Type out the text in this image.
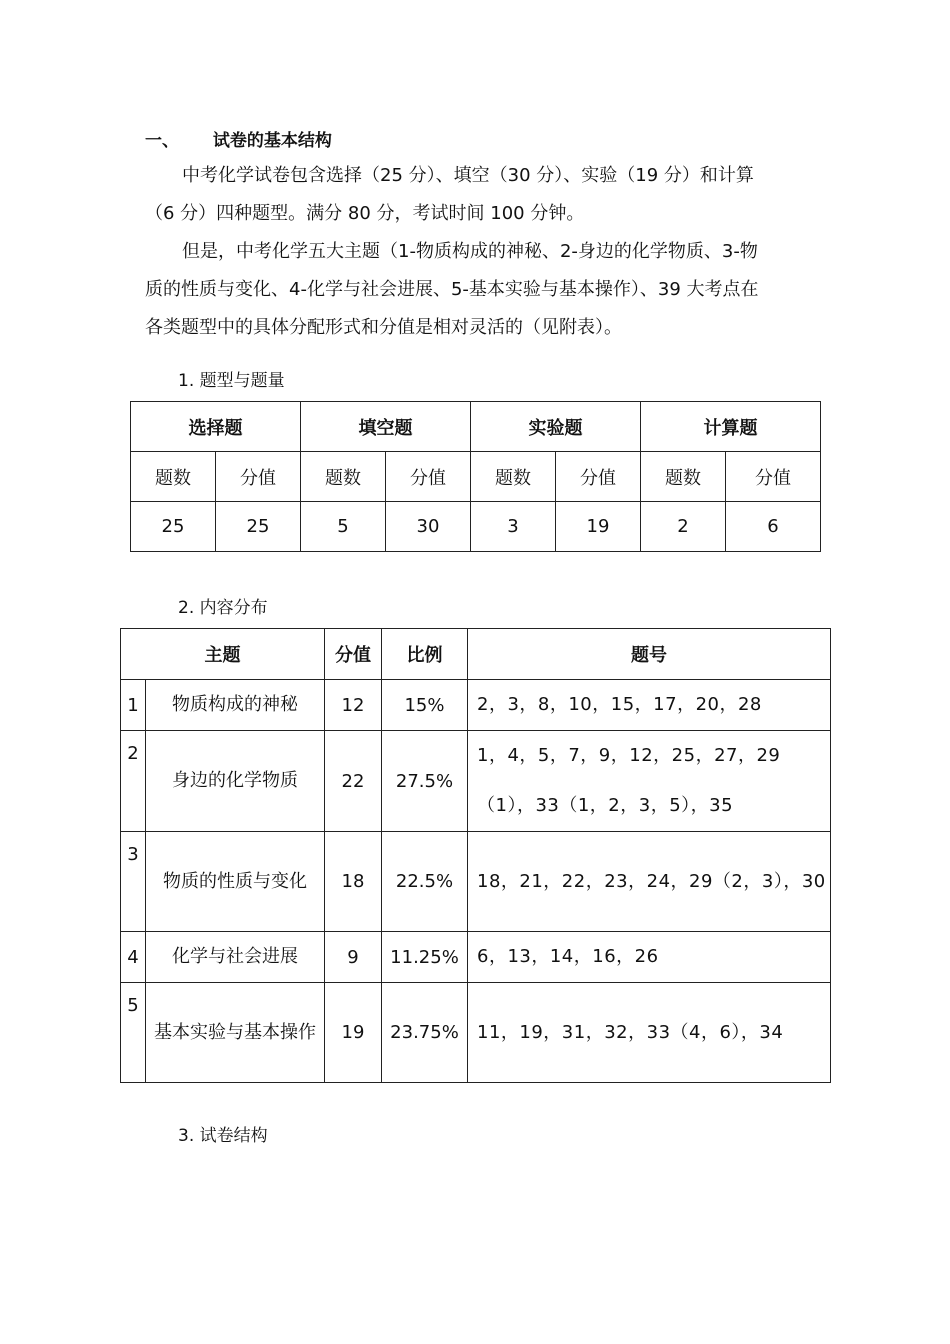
一、 试卷的基本结构
中考化学试卷包含选择（25 分）、填空（30 分）、实验（19 分）和计算
（6 分）四种题型。满分 80 分，考试时间 100 分钟。
但是，中考化学五大主题（1-物质构成的神秘、2-身边的化学物质、3-物
质的性质与变化、4-化学与社会进展、5-基本实验与基本操作）、39 大考点在
各类题型中的具体分配形式和分值是相对灵活的（见附表）。
1. 题型与题量
选择题		填空题		实验题		计算题	
题数	分值	题数	分值	题数	分值	题数	分值
25	25	5	30	3	19	2	6
2. 内容分布
主题		分值	比例	题号
1	物质构成的神秘	12	15%	2，3，8，10，15，17，20，28
2	身边的化学物质	22	27.5%	1，4，5，7，9，12，25，27，29（1），33（1，2，3，5），35
3	物质的性质与变化	18	22.5%	18，21，22，23，24，29（2，3），30
4	化学与社会进展	9	11.25%	6，13，14，16，26
5	基本实验与基本操作	19	23.75%	11，19，31，32，33（4，6），34
3. 试卷结构
